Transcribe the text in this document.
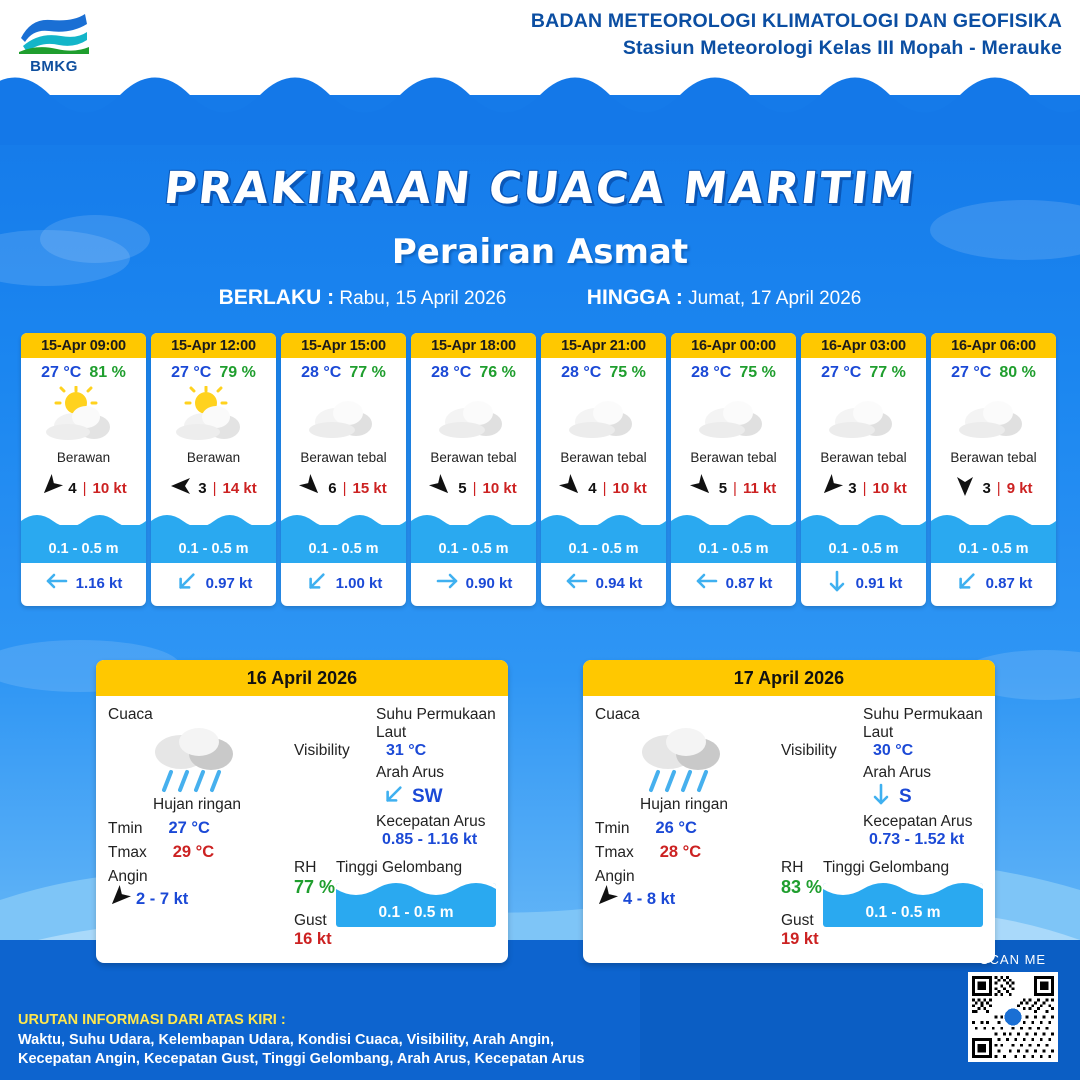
BMKG
BADAN METEOROLOGI KLIMATOLOGI DAN GEOFISIKA
Stasiun Meteorologi Kelas III Mopah - Merauke
PRAKIRAAN CUACA MARITIM
Perairan Asmat
BERLAKU : Rabu, 15 April 2026	HINGGA : Jumat, 17 April 2026
15-Apr 09:00
27 °C 81 %
Berawan
4 | 10 kt
0.1 - 0.5 m
1.16 kt
15-Apr 12:00
27 °C 79 %
Berawan
3 | 14 kt
0.1 - 0.5 m
0.97 kt
15-Apr 15:00
28 °C 77 %
Berawan tebal
6 | 15 kt
0.1 - 0.5 m
1.00 kt
15-Apr 18:00
28 °C 76 %
Berawan tebal
5 | 10 kt
0.1 - 0.5 m
0.90 kt
15-Apr 21:00
28 °C 75 %
Berawan tebal
4 | 10 kt
0.1 - 0.5 m
0.94 kt
16-Apr 00:00
28 °C 75 %
Berawan tebal
5 | 11 kt
0.1 - 0.5 m
0.87 kt
16-Apr 03:00
27 °C 77 %
Berawan tebal
3 | 10 kt
0.1 - 0.5 m
0.91 kt
16-Apr 06:00
27 °C 80 %
Berawan tebal
3 | 9 kt
0.1 - 0.5 m
0.87 kt
16 April 2026
Cuaca
Hujan ringan
Tmin 27 °C
Tmax 29 °C
Angin
2 - 7 kt
Visibility
Suhu Permukaan Laut
31 °C
Arah Arus
SW
Kecepatan Arus
0.85 - 1.16 kt
RH
77 %
Gust
16 kt
Tinggi Gelombang
0.1 - 0.5 m
17 April 2026
Cuaca
Hujan ringan
Tmin 26 °C
Tmax 28 °C
Angin
4 - 8 kt
Visibility
Suhu Permukaan Laut
30 °C
Arah Arus
S
Kecepatan Arus
0.73 - 1.52 kt
RH
83 %
Gust
19 kt
Tinggi Gelombang
0.1 - 0.5 m
URUTAN INFORMASI DARI ATAS KIRI :
Waktu, Suhu Udara, Kelembapan Udara, Kondisi Cuaca, Visibility, Arah Angin,
Kecepatan Angin, Kecepatan Gust, Tinggi Gelombang, Arah Arus, Kecepatan Arus
SCAN ME
